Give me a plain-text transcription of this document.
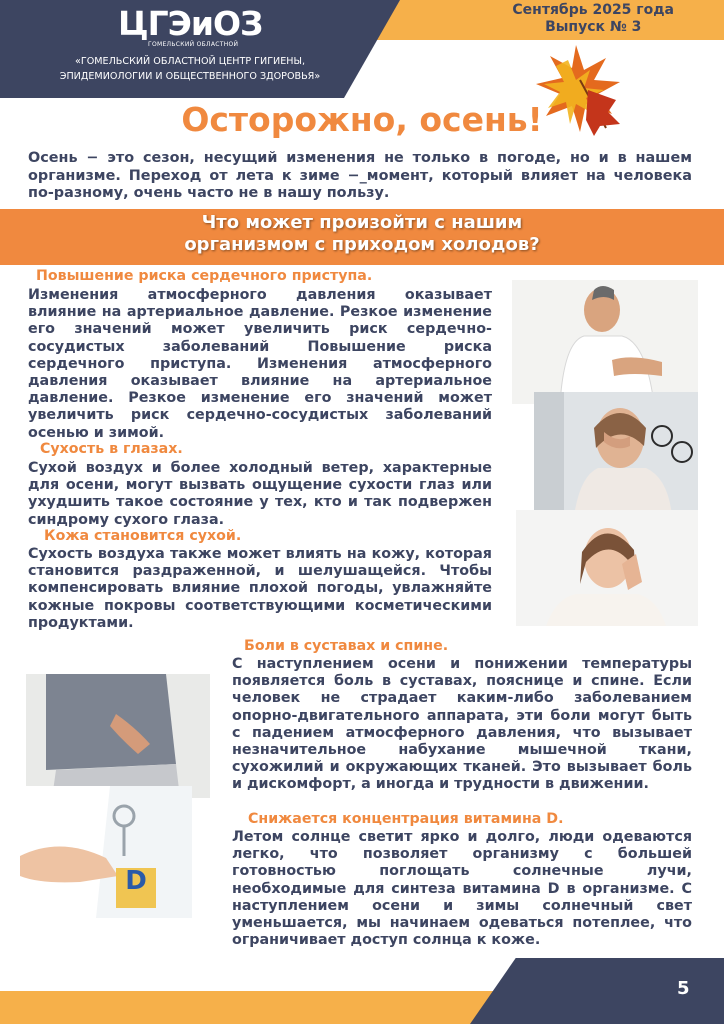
ЦГЭиОЗ
ГОМЕЛЬСКИЙ ОБЛАСТНОЙ
«ГОМЕЛЬСКИЙ ОБЛАСТНОЙ ЦЕНТР ГИГИЕНЫ, ЭПИДЕМИОЛОГИИ И ОБЩЕСТВЕННОГО ЗДОРОВЬЯ»
Сентябрь 2025 года
Выпуск № 3
Осторожно, осень!
Осень − это сезон, несущий изменения не только в погоде, но и в нашем организме. Переход от лета к зиме −_момент, который влияет на человека по-разному, очень часто не в нашу пользу.
Что может произойти с нашим
организмом с приходом холодов?
Повышение риска сердечного приступа.
Изменения атмосферного давления оказывает влияние на артериальное давление. Резкое изменение его значений может увеличить риск сердечно-сосудистых заболеваний Повышение риска сердечного приступа. Изменения атмосферного давления оказывает влияние на артериальное давление. Резкое изменение его значений может увеличить риск сердечно-сосудистых заболеваний осенью и зимой.
Сухость в глазах.
Сухой воздух и более холодный ветер, характерные для осени, могут вызвать ощущение сухости глаз или ухудшить такое состояние у тех, кто и так подвержен синдрому сухого глаза.
Кожа становится сухой.
Сухость воздуха также может влиять на кожу, которая становится раздраженной, и шелушащейся. Чтобы компенсировать влияние плохой погоды, увлажняйте кожные покровы соответствующими косметическими продуктами.
Боли в суставах и спине.
С наступлением осени и понижении температуры появляется боль в суставах, пояснице и спине. Если человек не страдает каким-либо заболеванием опорно-двигательного аппарата, эти боли могут быть с падением атмосферного давления, что вызывает незначительное набухание мышечной ткани, сухожилий и окружающих тканей. Это вызывает боль и дискомфорт, а иногда и трудности в движении.
Снижается концентрация витамина D.
Летом солнце светит ярко и долго, люди одеваются легко, что позволяет организму с большей готовностью поглощать солнечные лучи, необходимые для синтеза витамина D в организме. С наступлением осени и зимы солнечный свет уменьшается, мы начинаем одеваться потеплее, что ограничивает доступ солнца к коже.
D
5
